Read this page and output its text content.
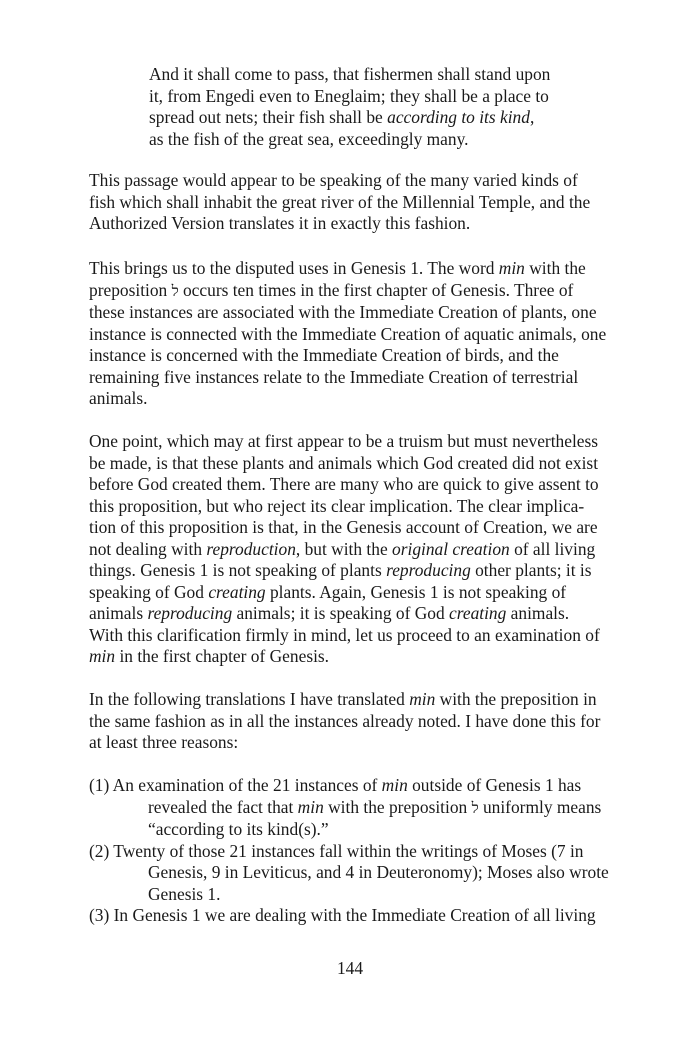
And it shall come to pass, that fishermen shall stand upon
it, from Engedi even to Eneglaim; they shall be a place to
spread out nets; their fish shall be according to its kind,
as the fish of the great sea, exceedingly many.
This passage would appear to be speaking of the many varied kinds of
fish which shall inhabit the great river of the Millennial Temple, and the
Authorized Version translates it in exactly this fashion.
This brings us to the disputed uses in Genesis 1. The word min with the
preposition ל occurs ten times in the first chapter of Genesis. Three of
these instances are associated with the Immediate Creation of plants, one
instance is connected with the Immediate Creation of aquatic animals, one
instance is concerned with the Immediate Creation of birds, and the
remaining five instances relate to the Immediate Creation of terrestrial
animals.
One point, which may at first appear to be a truism but must nevertheless
be made, is that these plants and animals which God created did not exist
before God created them. There are many who are quick to give assent to
this proposition, but who reject its clear implication. The clear implica-
tion of this proposition is that, in the Genesis account of Creation, we are
not dealing with reproduction, but with the original creation of all living
things. Genesis 1 is not speaking of plants reproducing other plants; it is
speaking of God creating plants. Again, Genesis 1 is not speaking of
animals reproducing animals; it is speaking of God creating animals.
With this clarification firmly in mind, let us proceed to an examination of
min in the first chapter of Genesis.
In the following translations I have translated min with the preposition in
the same fashion as in all the instances already noted. I have done this for
at least three reasons:
(1) An examination of the 21 instances of min outside of Genesis 1 has
revealed the fact that min with the preposition ל uniformly means
“according to its kind(s).”
(2) Twenty of those 21 instances fall within the writings of Moses (7 in
Genesis, 9 in Leviticus, and 4 in Deuteronomy); Moses also wrote
Genesis 1.
(3) In Genesis 1 we are dealing with the Immediate Creation of all living
144
